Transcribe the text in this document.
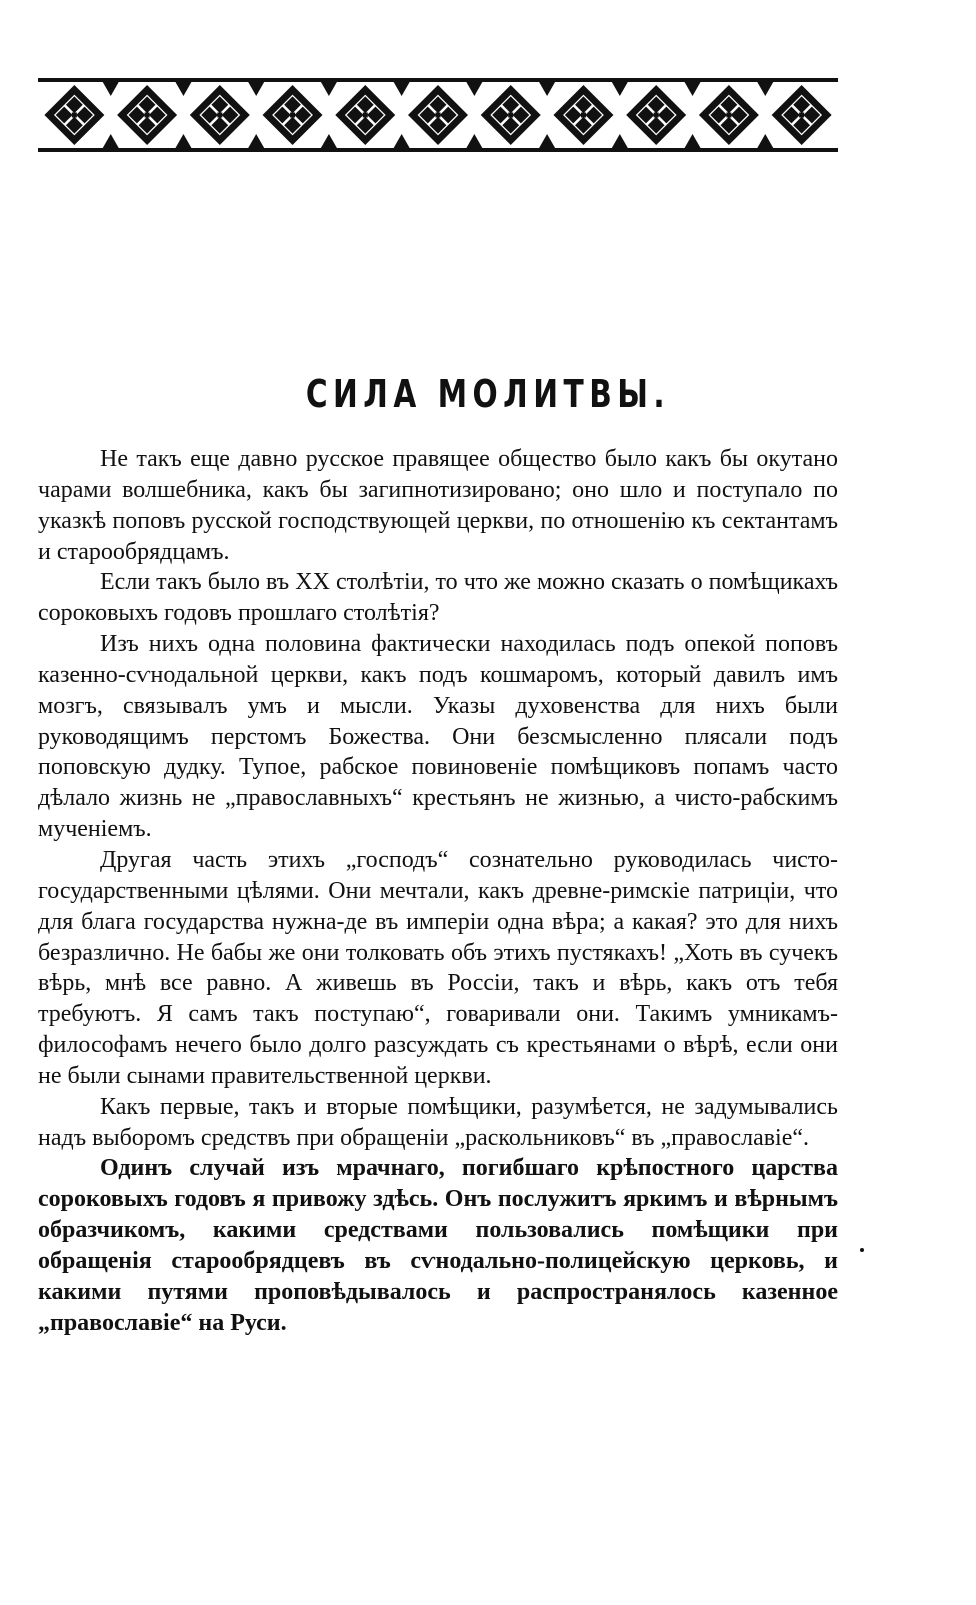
СИЛА МОЛИТВЫ.

Не такъ еще давно русское правящее общество было какъ бы окутано чарами волшебника, какъ бы загипнотизировано; оно шло и поступало по указкѣ поповъ русской господствующей церкви, по отношенію къ сектантамъ и старообрядцамъ.

Если такъ было въ XX столѣтіи, то что же можно сказать о помѣщикахъ сороковыхъ годовъ прошлаго столѣтія?

Изъ нихъ одна половина фактически находилась подъ опекой поповъ казенно-сѵнодальной церкви, какъ подъ кошмаромъ, который давилъ имъ мозгъ, связывалъ умъ и мысли. Указы духовенства для нихъ были руководящимъ перстомъ Божества. Они безсмысленно плясали подъ поповскую дудку. Тупое, рабское повиновеніе помѣщиковъ попамъ часто дѣлало жизнь не „православныхъ“ крестьянъ не жизнью, а чисто-рабскимъ мученіемъ.

Другая часть этихъ „господъ“ сознательно руководилась чисто-государственными цѣлями. Они мечтали, какъ древне-римскіе патриціи, что для блага государства нужна-де въ имперіи одна вѣра; а какая? это для нихъ безразлично. Не бабы же они толковать объ этихъ пустякахъ! „Хоть въ сучекъ вѣрь, мнѣ все равно. А живешь въ Россіи, такъ и вѣрь, какъ отъ тебя требуютъ. Я самъ такъ поступаю“, говаривали они. Такимъ умникамъ-философамъ нечего было долго разсуждать съ крестьянами о вѣрѣ, если они не были сынами правительственной церкви.

Какъ первые, такъ и вторые помѣщики, разумѣется, не задумывались надъ выборомъ средствъ при обращеніи „раскольниковъ“ въ „православіе“.

Одинъ случай изъ мрачнаго, погибшаго крѣпостного царства сороковыхъ годовъ я привожу здѣсь. Онъ послужитъ яркимъ и вѣрнымъ образчикомъ, какими средствами пользовались помѣщики при обращенія старообрядцевъ въ сѵнодально-полицейскую церковь, и какими путями проповѣдывалось и распространялось казенное „православіе“ на Руси.
